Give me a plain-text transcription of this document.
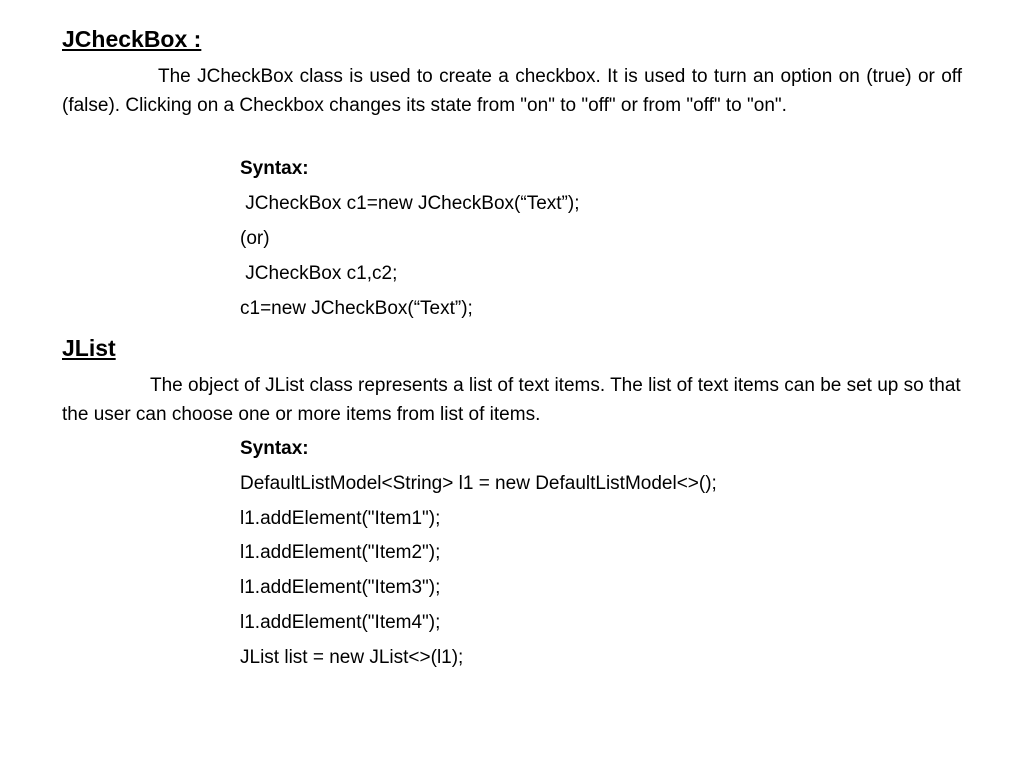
JCheckBox :

The JCheckBox class is used to create a checkbox. It is used to turn an option on (true) or off (false). Clicking on a Checkbox changes its state from "on" to "off" or from "off" to "on".

Syntax:

JCheckBox c1=new JCheckBox(“Text”);

(or)

JCheckBox c1,c2;

c1=new JCheckBox(“Text”);

JList

The object of JList class represents a list of text items. The list of text items can be set up so that the user can choose one or more items from list of items.

Syntax:

DefaultListModel<String> l1 = new DefaultListModel<>();

l1.addElement("Item1");

l1.addElement("Item2");

l1.addElement("Item3");

l1.addElement("Item4");

JList list = new JList<>(l1);
